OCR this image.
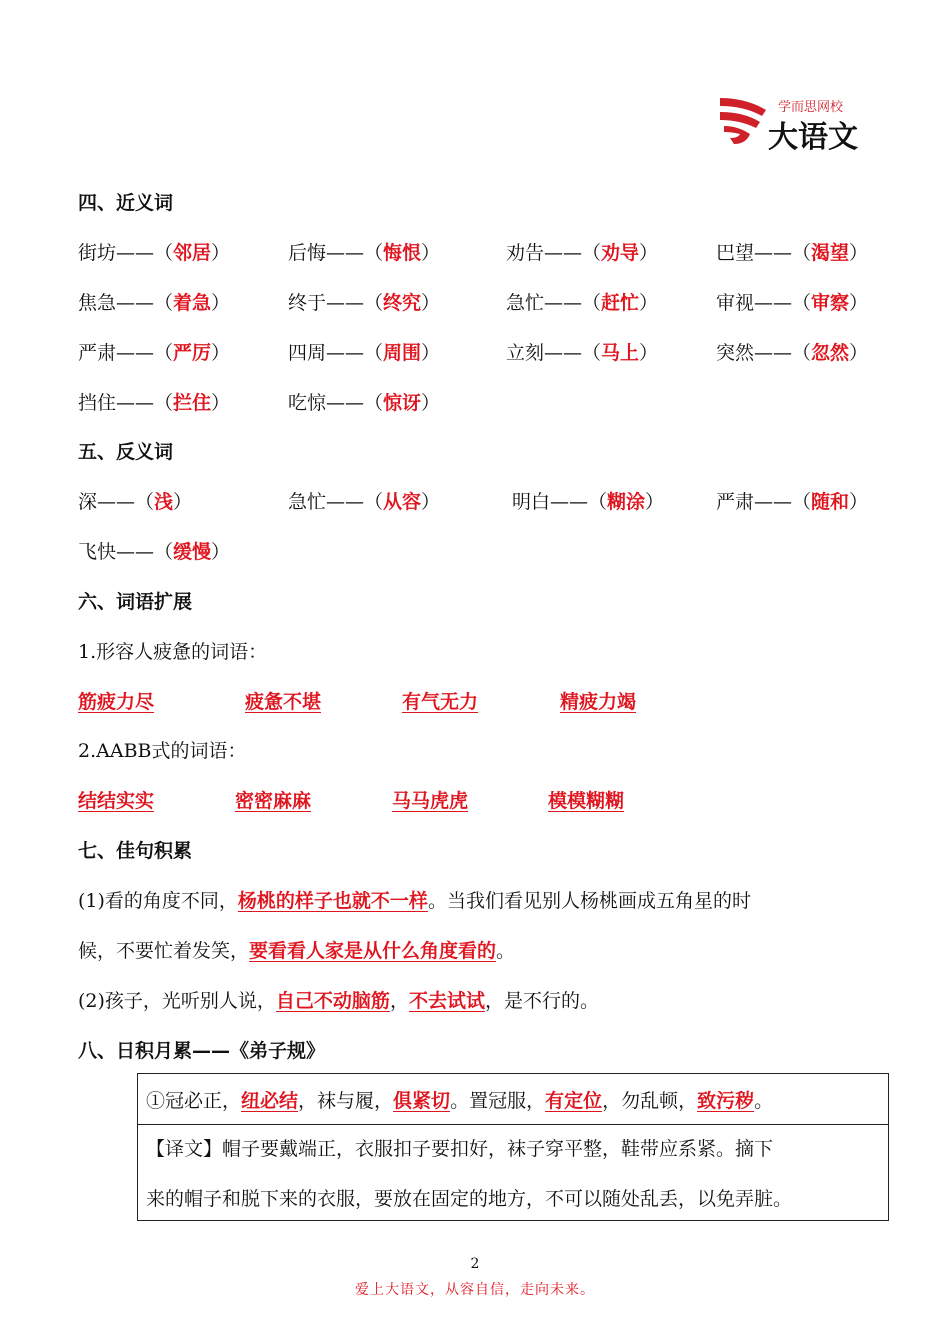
学而思网校
大语文
四、近义词
街坊——（邻居）	后悔——（悔恨）	劝告——（劝导）	巴望——（渴望）
焦急——（着急）	终于——（终究）	急忙——（赶忙）	审视——（审察）
严肃——（严厉）	四周——（周围）	立刻——（马上）	突然——（忽然）
挡住——（拦住）	吃惊——（惊讶）
五、反义词
深——（浅）	急忙——（从容）	明白——（糊涂）	严肃——（随和）
飞快——（缓慢）
六、词语扩展
1.形容人疲惫的词语：
筋疲力尽	疲惫不堪	有气无力	精疲力竭
2.AABB式的词语：
结结实实	密密麻麻	马马虎虎	模模糊糊
七、佳句积累
(1)看的角度不同，杨桃的样子也就不一样。当我们看见别人杨桃画成五角星的时
候，不要忙着发笑，要看看人家是从什么角度看的。
(2)孩子，光听别人说，自己不动脑筋，不去试试，是不行的。
八、日积月累——《弟子规》
①冠必正，纽必结，袜与履，俱紧切。置冠服，有定位，勿乱顿，致污秽。
【译文】帽子要戴端正，衣服扣子要扣好，袜子穿平整，鞋带应系紧。摘下
来的帽子和脱下来的衣服，要放在固定的地方，不可以随处乱丢，以免弄脏。
2
爱上大语文，从容自信，走向未来。
